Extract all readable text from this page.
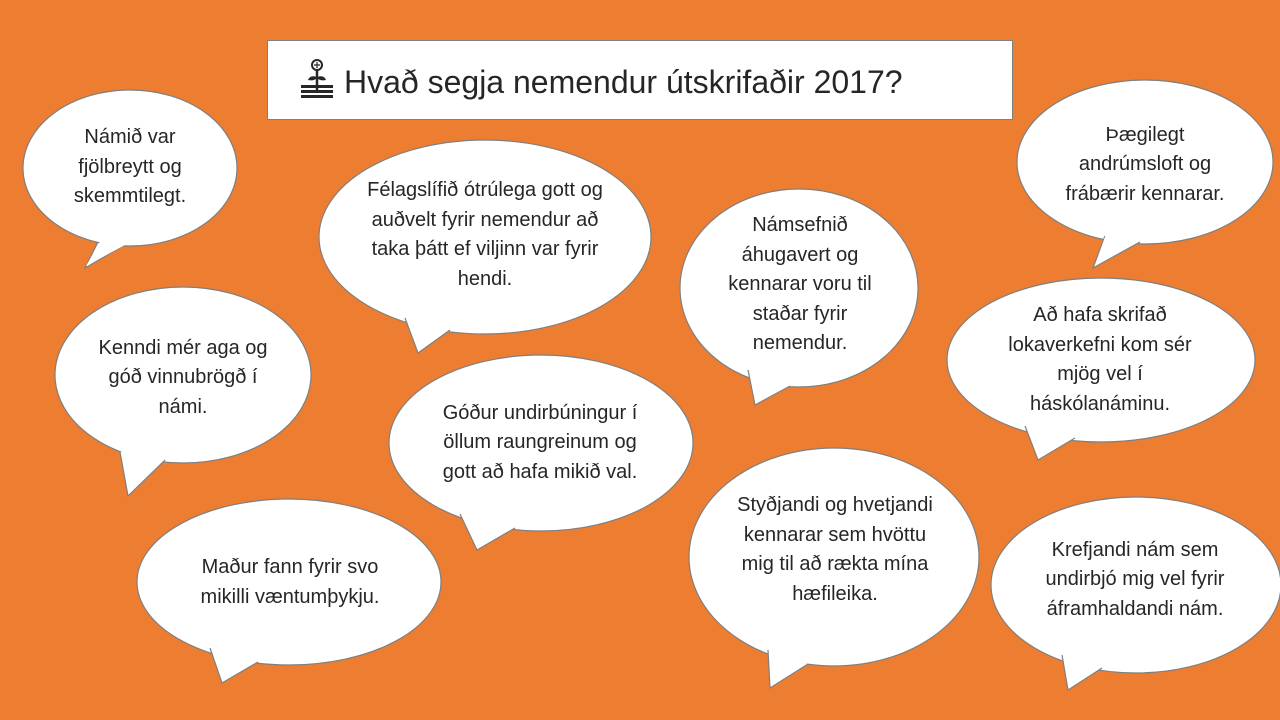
Hvað segja nemendur útskrifaðir 2017?
Námið var fjölbreytt og skemmtilegt.	Félagslífið ótrúlega gott og auðvelt fyrir nemendur að taka þátt ef viljinn var fyrir hendi.
Námsefnið áhugavert og kennarar voru til staðar fyrir nemendur.
Þægilegt andrúmsloft og frábærir kennarar.
Kenndi mér aga og góð vinnubrögð í námi.	Góður undirbúningur í öllum raungreinum og gott að hafa mikið val.
Að hafa skrifað lokaverkefni kom sér mjög vel í háskólanáminu.
Maður fann fyrir svo mikilli væntumþykju.
Styðjandi og hvetjandi kennarar sem hvöttu mig til að rækta mína hæfileika.
Krefjandi nám sem undirbjó mig vel fyrir áframhaldandi nám.
